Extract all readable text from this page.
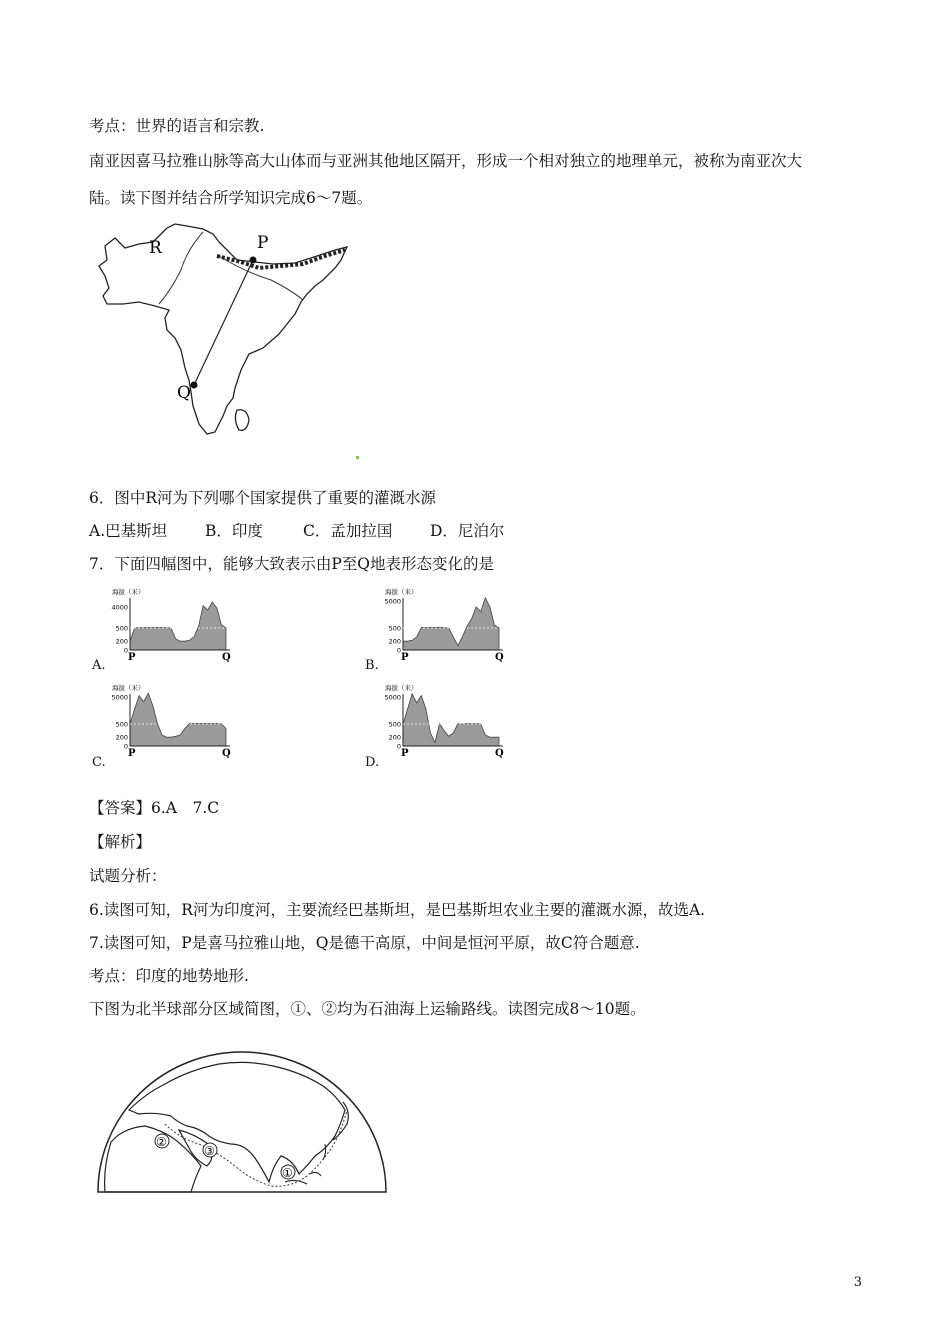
考点：世界的语言和宗教.
南亚因喜马拉雅山脉等高大山体而与亚洲其他地区隔开，形成一个相对独立的地理单元，被称为南亚次大
陆。读下图并结合所学知识完成6～7题。
R	P
Q
6．图中R河为下列哪个国家提供了重要的灌溉水源
A.巴基斯坦 B．印度	C．孟加拉国 D．尼泊尔
7．下面四幅图中，能够大致表示由P至Q地表形态变化的是
海拔（米）
4000
500
200
0
P	Q
A.
海拔（米）
5000
500
200
0
P	Q
B.
海拔（米）
5000
500
200
0
P	Q
C.
海拔（米）
5000
500
200
0
P	Q
D.
【答案】6.A　7.C
【解析】
试题分析：
6.读图可知，R河为印度河，主要流经巴基斯坦，是巴基斯坦农业主要的灌溉水源，故选A.
7.读图可知，P是喜马拉雅山地，Q是德干高原，中间是恒河平原，故C符合题意.
考点：印度的地势地形.
下图为北半球部分区域简图，①、②均为石油海上运输路线。读图完成8～10题。
②
③
①
3
